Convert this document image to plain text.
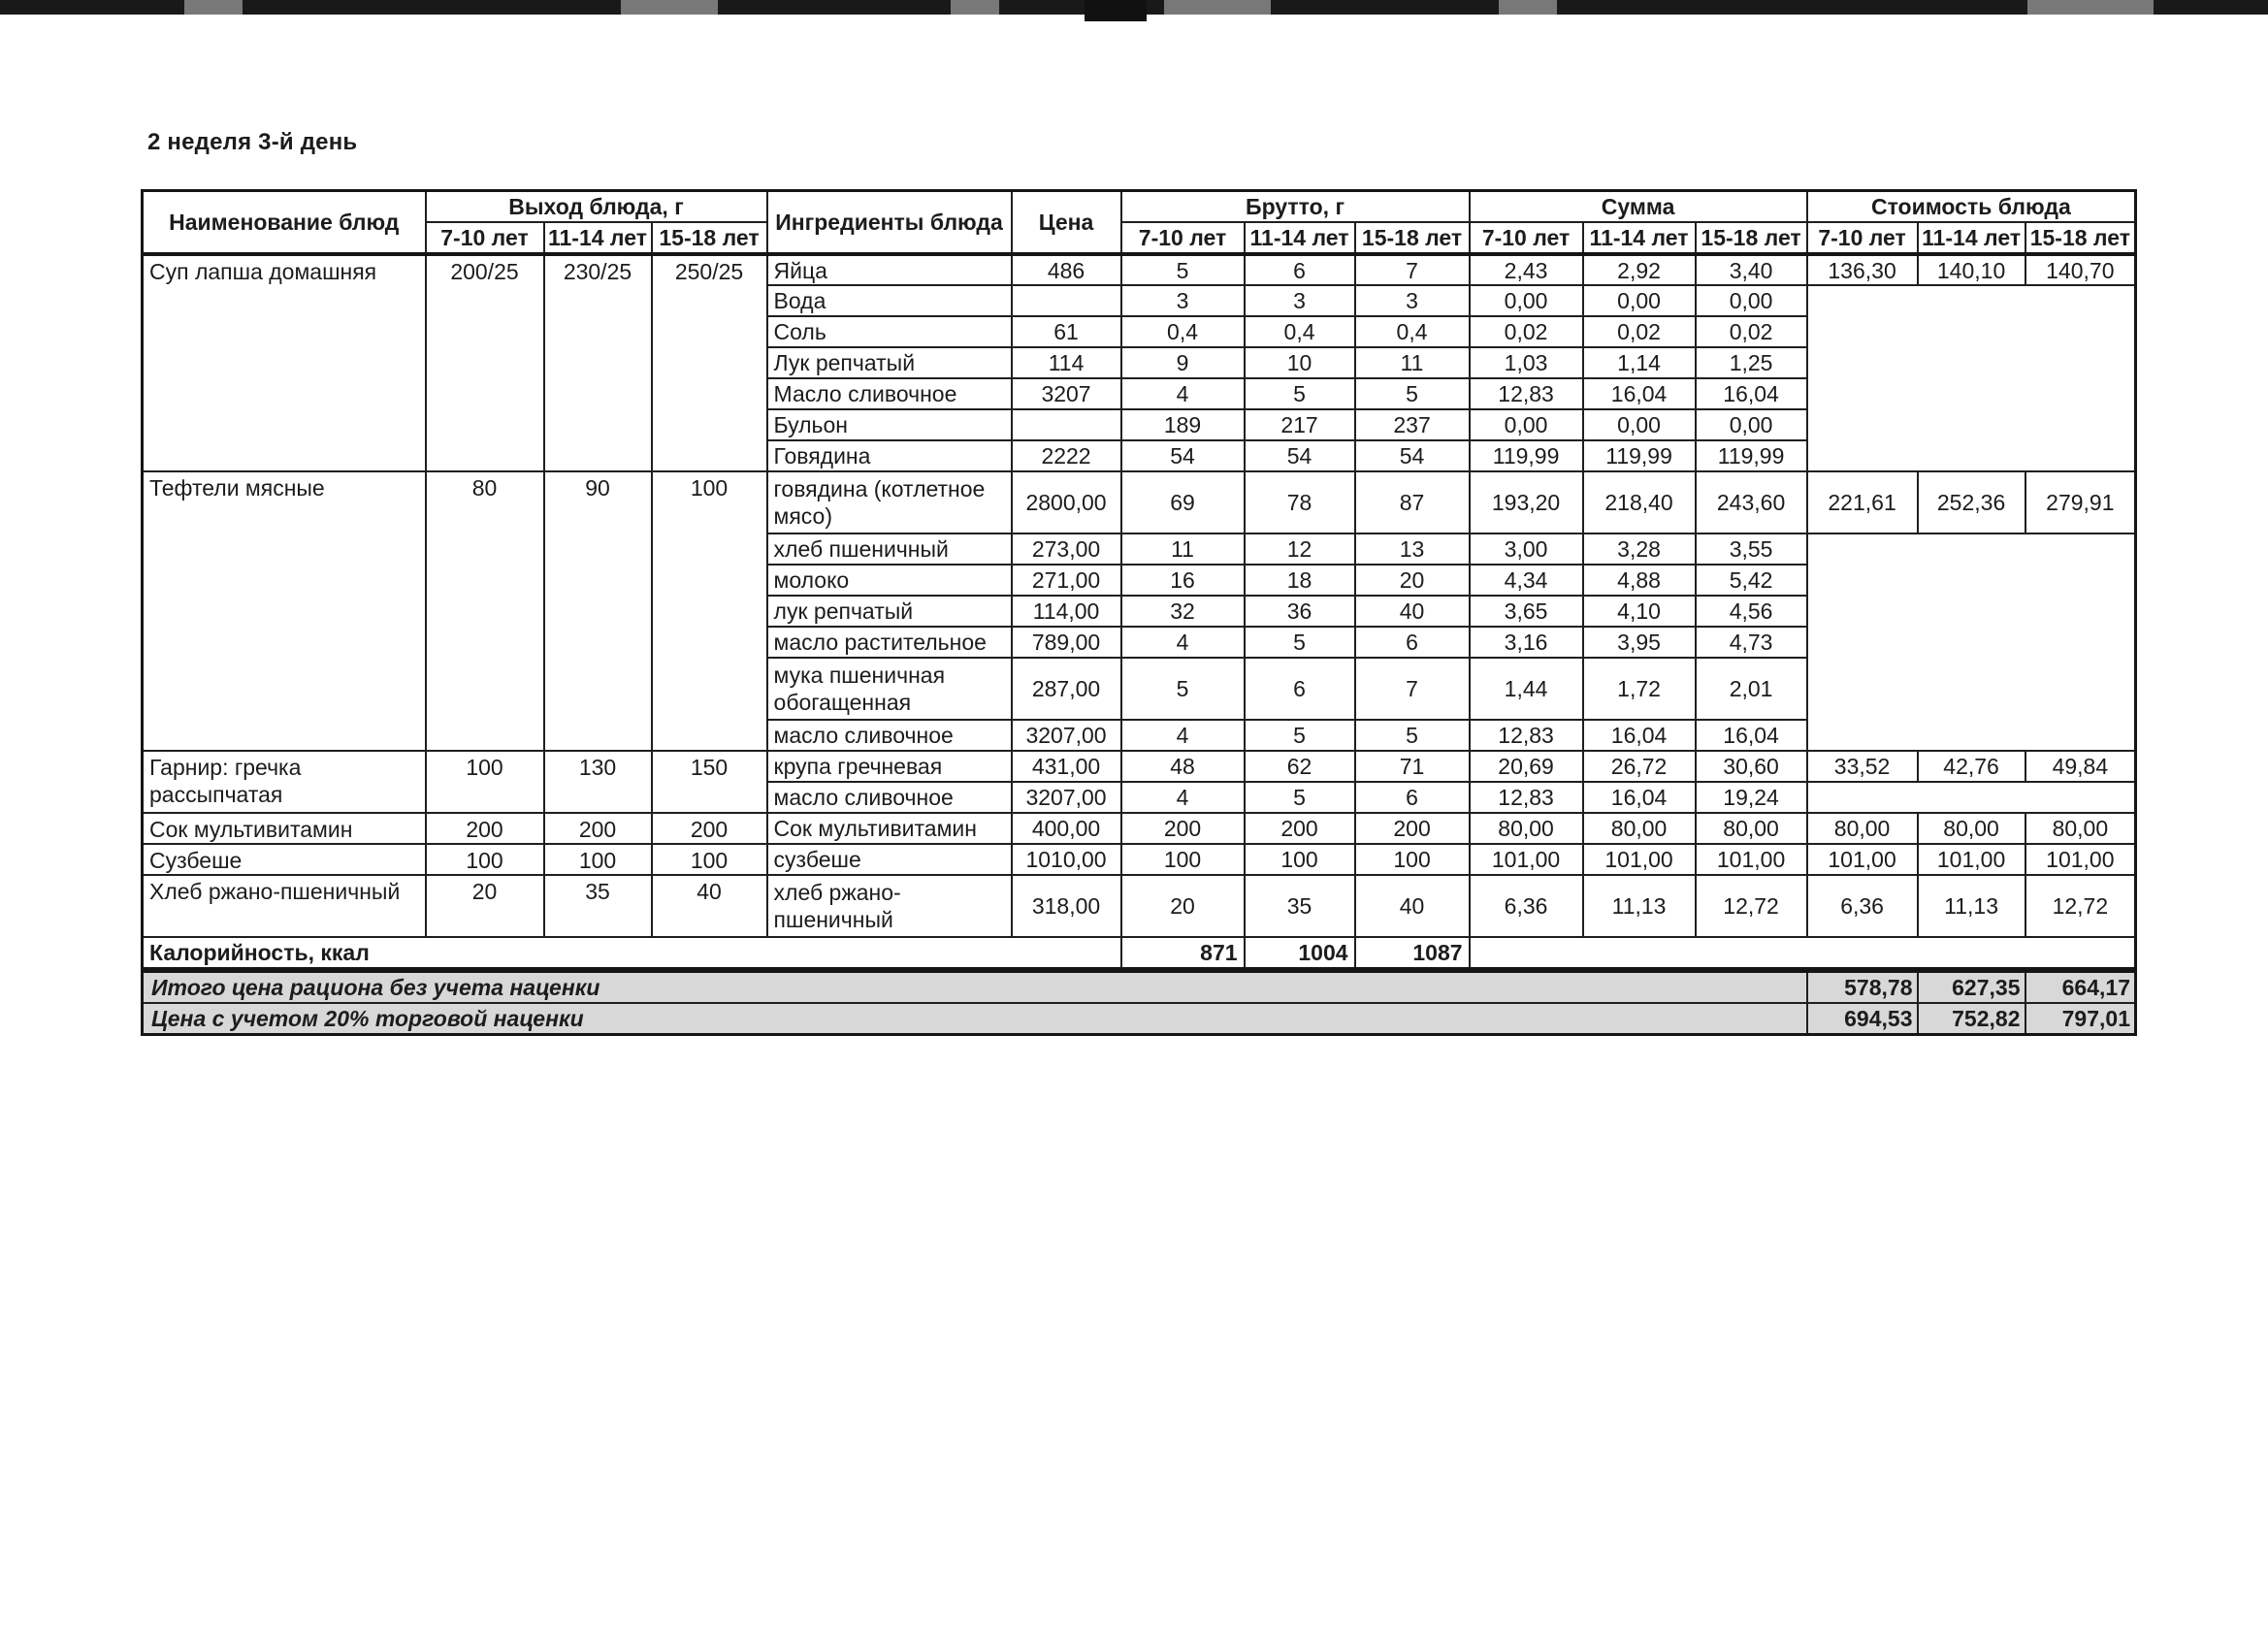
2 неделя 3-й день
Наименование блюд	Выход блюда, г			Ингредиенты блюда	Цена	Брутто, г			Сумма			Стоимость блюда		
	7-10 лет	11-14 лет	15-18 лет			7-10 лет	11-14 лет	15-18 лет	7-10 лет	11-14 лет	15-18 лет	7-10 лет	11-14 лет	15-18 лет
Суп лапша домашняя	200/25	230/25	250/25	Яйца	486	5	6	7	2,43	2,92	3,40	136,30	140,10	140,70
				Вода		3	3	3	0,00	0,00	0,00			
				Соль	61	0,4	0,4	0,4	0,02	0,02	0,02			
				Лук репчатый	114	9	10	11	1,03	1,14	1,25			
				Масло сливочное	3207	4	5	5	12,83	16,04	16,04			
				Бульон		189	217	237	0,00	0,00	0,00			
				Говядина	2222	54	54	54	119,99	119,99	119,99			
Тефтели мясные	80	90	100	говядина (котлетное мясо)	2800,00	69	78	87	193,20	218,40	243,60	221,61	252,36	279,91
				хлеб пшеничный	273,00	11	12	13	3,00	3,28	3,55			
				молоко	271,00	16	18	20	4,34	4,88	5,42			
				лук репчатый	114,00	32	36	40	3,65	4,10	4,56			
				масло растительное	789,00	4	5	6	3,16	3,95	4,73			
				мука пшеничная обогащенная	287,00	5	6	7	1,44	1,72	2,01			
				масло сливочное	3207,00	4	5	5	12,83	16,04	16,04			
Гарнир: гречка рассыпчатая	100	130	150	крупа гречневая	431,00	48	62	71	20,69	26,72	30,60	33,52	42,76	49,84
				масло сливочное	3207,00	4	5	6	12,83	16,04	19,24			
Сок мультивитамин	200	200	200	Сок мультивитамин	400,00	200	200	200	80,00	80,00	80,00	80,00	80,00	80,00
Сузбеше	100	100	100	сузбеше	1010,00	100	100	100	101,00	101,00	101,00	101,00	101,00	101,00
Хлеб ржано-пшеничный	20	35	40	хлеб ржано-пшеничный	318,00	20	35	40	6,36	11,13	12,72	6,36	11,13	12,72
Калорийность, ккал						871	1004	1087						
Итого цена рациона без учета наценки	578,78	627,35	664,17
Цена с учетом 20% торговой наценки	694,53	752,82	797,01
